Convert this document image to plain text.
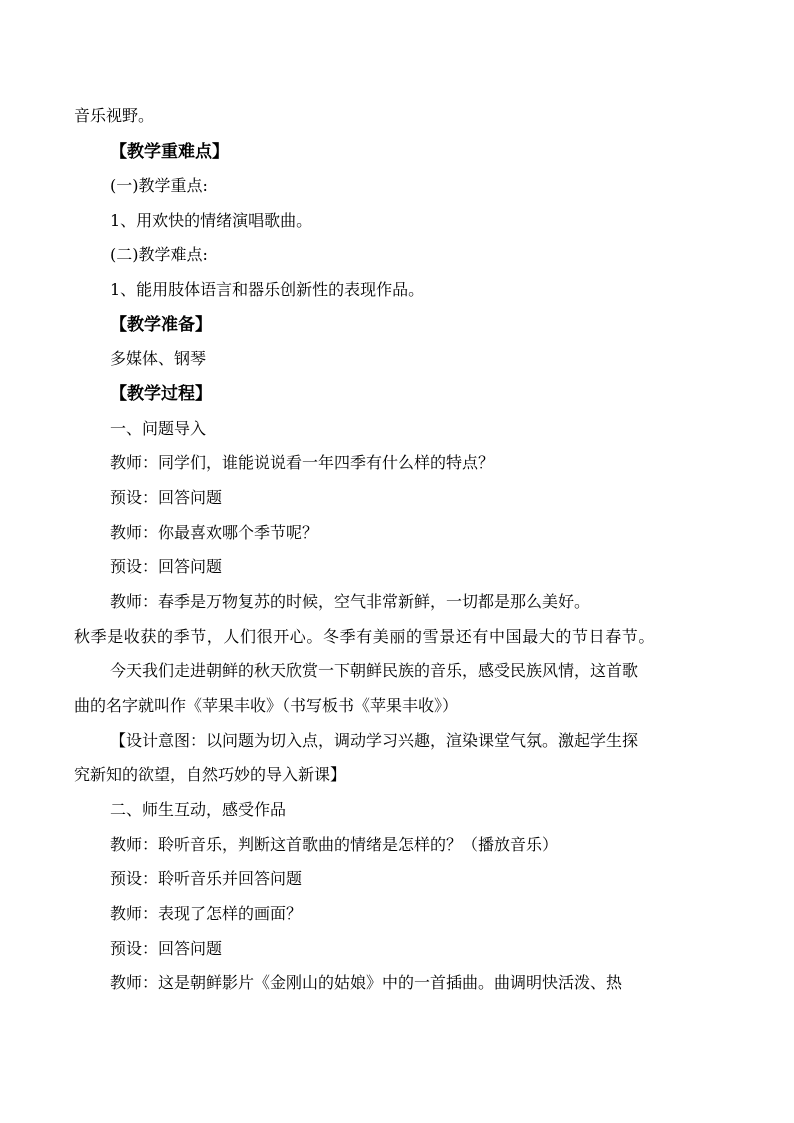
音乐视野。
【教学重难点】
(一)教学重点:
1、用欢快的情绪演唱歌曲。
(二)教学难点:
1、能用肢体语言和器乐创新性的表现作品。
【教学准备】
多媒体、钢琴
【教学过程】
一、问题导入
教师：同学们，谁能说说看一年四季有什么样的特点？
预设：回答问题
教师：你最喜欢哪个季节呢？
预设：回答问题
教师：春季是万物复苏的时候，空气非常新鲜，一切都是那么美好。
秋季是收获的季节，人们很开心。冬季有美丽的雪景还有中国最大的节日春节。
今天我们走进朝鲜的秋天欣赏一下朝鲜民族的音乐，感受民族风情，这首歌
曲的名字就叫作《苹果丰收》（书写板书《苹果丰收》）
【设计意图：以问题为切入点，调动学习兴趣，渲染课堂气氛。激起学生探
究新知的欲望，自然巧妙的导入新课】
二、师生互动，感受作品
教师：聆听音乐，判断这首歌曲的情绪是怎样的？（播放音乐）
预设：聆听音乐并回答问题
教师：表现了怎样的画面？
预设：回答问题
教师：这是朝鲜影片《金刚山的姑娘》中的一首插曲。曲调明快活泼、热
